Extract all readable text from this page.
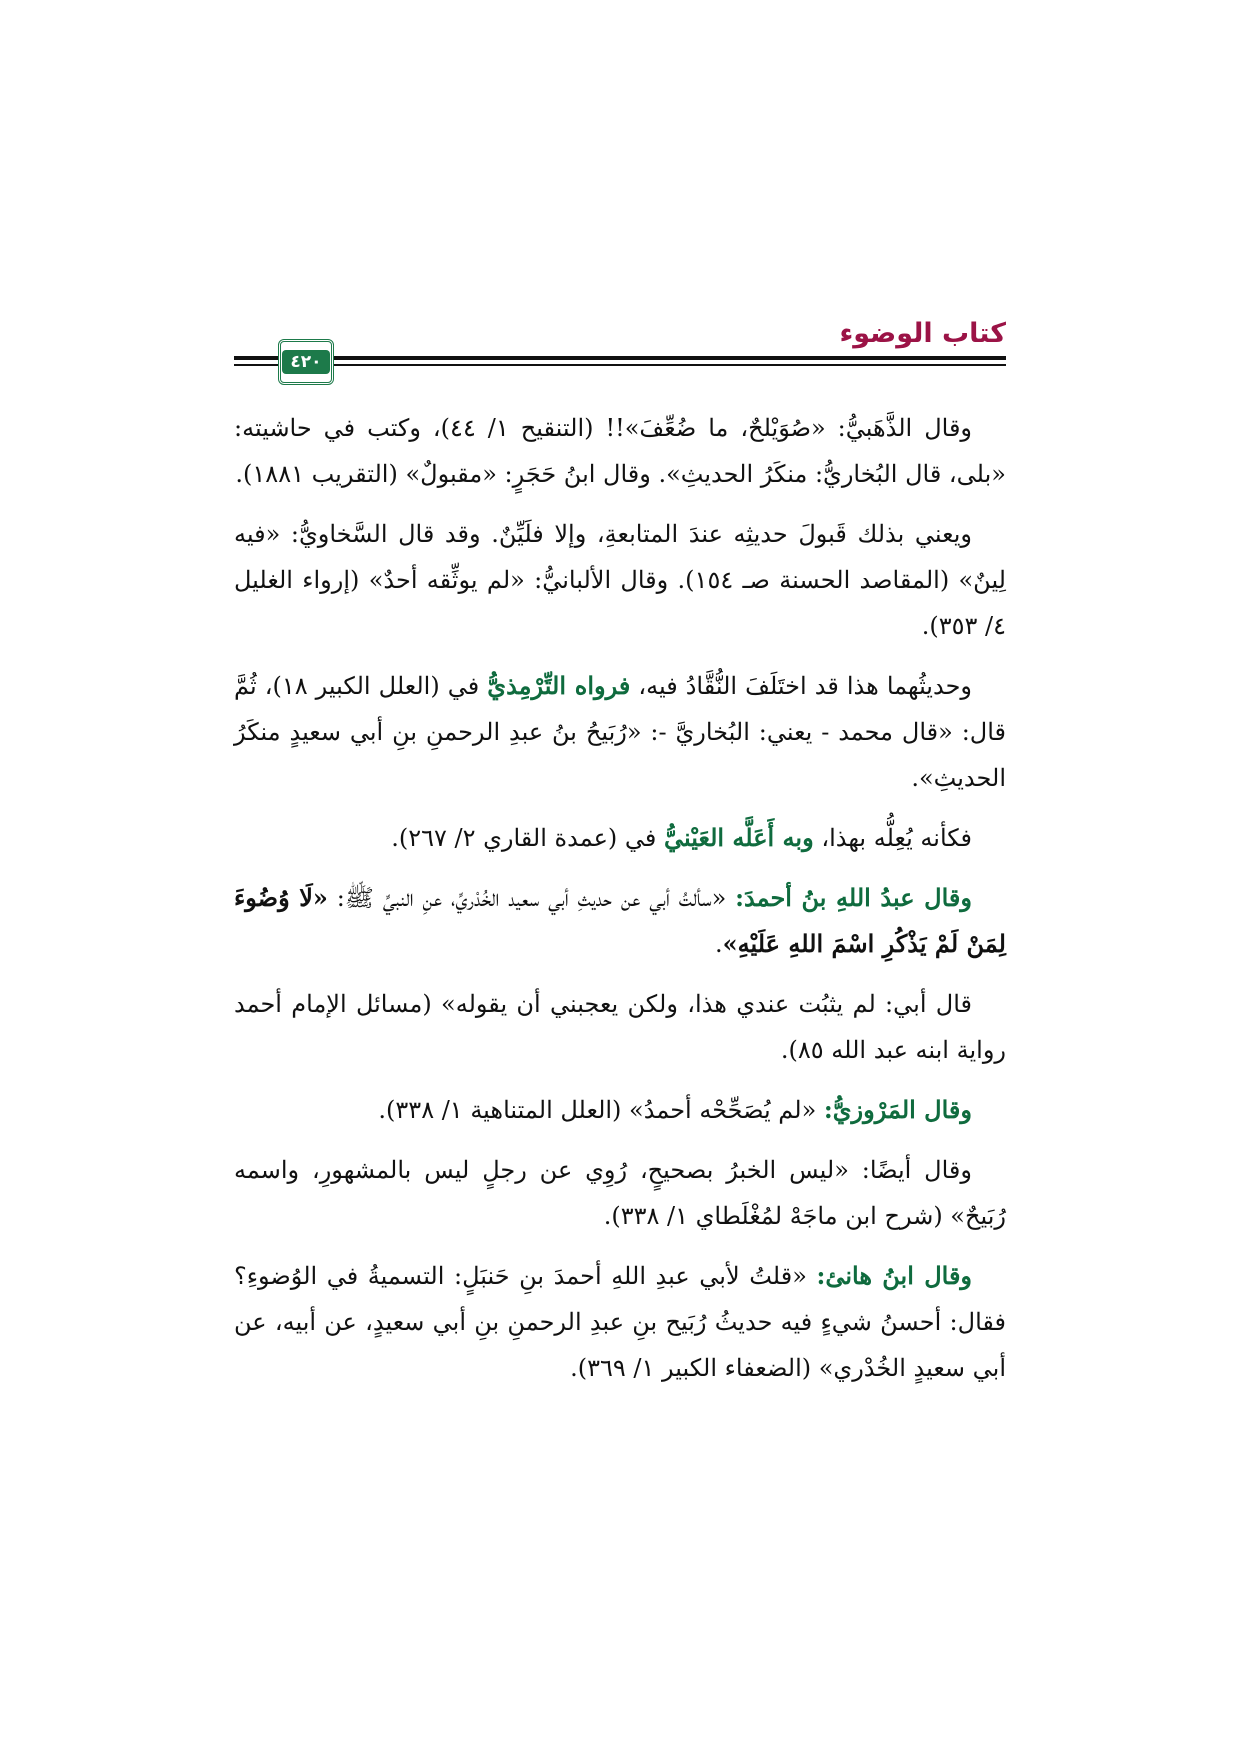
كتاب الوضوء
٤٢٠

وقال الذَّهَبيُّ: «صُوَيْلحٌ، ما ضُعِّفَ»!! (التنقيح ١/ ٤٤)، وكتب في حاشيته: «بلى، قال البُخاريُّ: منكَرُ الحديثِ». وقال ابنُ حَجَرٍ: «مقبولٌ» (التقريب ١٨٨١).

ويعني بذلك قَبولَ حديثِه عندَ المتابعةِ، وإلا فلَيِّنٌ. وقد قال السَّخاويُّ: «فيه لِينٌ» (المقاصد الحسنة صـ ١٥٤). وقال الألبانيُّ: «لم يوثِّقه أحدٌ» (إرواء الغليل ٤/ ٣٥٣).

وحديثُهما هذا قد اختَلَفَ النُّقَّادُ فيه، فرواه التِّرْمِذيُّ في (العلل الكبير ١٨)، ثُمَّ قال: «قال محمد - يعني: البُخاريَّ -: «رُبَيحُ بنُ عبدِ الرحمنِ بنِ أبي سعيدٍ منكَرُ الحديثِ».

فكأنه يُعِلُّه بهذا، وبه أَعَلَّه العَيْنيُّ في (عمدة القاري ٢/ ٢٦٧).

وقال عبدُ اللهِ بنُ أحمدَ: «سألتُ أبي عن حديثِ أبي سعيد الخُدْريِّ، عنِ النبيِّ ﷺ: «لَا وُضُوءَ لِمَنْ لَمْ يَذْكُرِ اسْمَ اللهِ عَلَيْهِ».

قال أبي: لم يثبُت عندي هذا، ولكن يعجبني أن يقوله» (مسائل الإمام أحمد رواية ابنه عبد الله ٨٥).

وقال المَرْوزيُّ: «لم يُصَحِّحْه أحمدُ» (العلل المتناهية ١/ ٣٣٨).

وقال أيضًا: «ليس الخبرُ بصحيحٍ، رُوِي عن رجلٍ ليس بالمشهورِ، واسمه رُبَيحٌ» (شرح ابن ماجَهْ لمُغْلَطاي ١/ ٣٣٨).

وقال ابنُ هانئ: «قلتُ لأبي عبدِ اللهِ أحمدَ بنِ حَنبَلٍ: التسميةُ في الوُضوءِ؟ فقال: أحسنُ شيءٍ فيه حديثُ رُبَيح بنِ عبدِ الرحمنِ بنِ أبي سعيدٍ، عن أبيه، عن أبي سعيدٍ الخُدْري» (الضعفاء الكبير ١/ ٣٦٩).
